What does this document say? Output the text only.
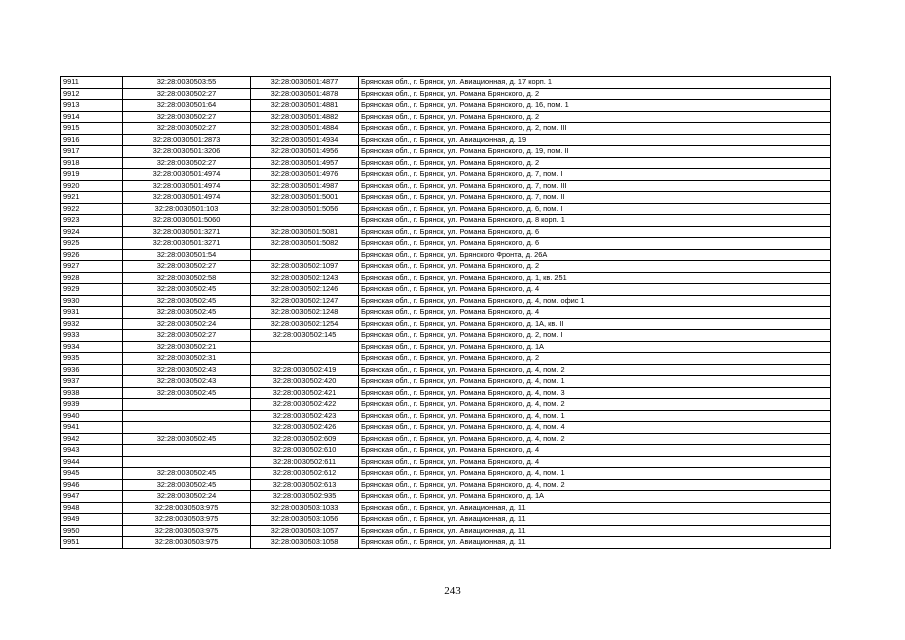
9911	32:28:0030503:55	32:28:0030501:4877	Брянская обл., г. Брянск, ул. Авиационная, д. 17 корп. 1
9912	32:28:0030502:27	32:28:0030501:4878	Брянская обл., г. Брянск, ул. Романа Брянского, д. 2
9913	32:28:0030501:64	32:28:0030501:4881	Брянская обл., г. Брянск, ул. Романа Брянского, д. 16, пом. 1
9914	32:28:0030502:27	32:28:0030501:4882	Брянская обл., г. Брянск, ул. Романа Брянского, д. 2
9915	32:28:0030502:27	32:28:0030501:4884	Брянская обл., г. Брянск, ул. Романа Брянского, д. 2, пом. III
9916	32:28:0030501:2873	32:28:0030501:4934	Брянская обл., г. Брянск, ул. Авиационная, д. 19
9917	32:28:0030501:3206	32:28:0030501:4956	Брянская обл., г. Брянск, ул. Романа Брянского, д. 19, пом. II
9918	32:28:0030502:27	32:28:0030501:4957	Брянская обл., г. Брянск, ул. Романа Брянского, д. 2
9919	32:28:0030501:4974	32:28:0030501:4976	Брянская обл., г. Брянск, ул. Романа Брянского, д. 7, пом. I
9920	32:28:0030501:4974	32:28:0030501:4987	Брянская обл., г. Брянск, ул. Романа Брянского, д. 7, пом. III
9921	32:28:0030501:4974	32:28:0030501:5001	Брянская обл., г. Брянск, ул. Романа Брянского, д. 7, пом. II
9922	32:28:0030501:103	32:28:0030501:5056	Брянская обл., г. Брянск, ул. Романа Брянского, д. 6, пом. I
9923	32:28:0030501:5060		Брянская обл., г. Брянск, ул. Романа Брянского, д. 8 корп. 1
9924	32:28:0030501:3271	32:28:0030501:5081	Брянская обл., г. Брянск, ул. Романа Брянского, д. 6
9925	32:28:0030501:3271	32:28:0030501:5082	Брянская обл., г. Брянск, ул. Романа Брянского, д. 6
9926	32:28:0030501:54		Брянская обл., г. Брянск, ул. Брянского Фронта, д. 26А
9927	32:28:0030502:27	32:28:0030502:1097	Брянская обл., г. Брянск, ул. Романа Брянского, д. 2
9928	32:28:0030502:58	32:28:0030502:1243	Брянская обл., г. Брянск, ул. Романа Брянского, д. 1, кв. 251
9929	32:28:0030502:45	32:28:0030502:1246	Брянская обл., г. Брянск, ул. Романа Брянского, д. 4
9930	32:28:0030502:45	32:28:0030502:1247	Брянская обл., г. Брянск, ул. Романа Брянского, д. 4, пом. офис 1
9931	32:28:0030502:45	32:28:0030502:1248	Брянская обл., г. Брянск, ул. Романа Брянского, д. 4
9932	32:28:0030502:24	32:28:0030502:1254	Брянская обл., г. Брянск, ул. Романа Брянского, д. 1А, кв. II
9933	32:28:0030502:27	32:28:0030502:145	Брянская обл., г. Брянск, ул. Романа Брянского, д. 2, пом. I
9934	32:28:0030502:21		Брянская обл., г. Брянск, ул. Романа Брянского, д. 1А
9935	32:28:0030502:31		Брянская обл., г. Брянск, ул. Романа Брянского, д. 2
9936	32:28:0030502:43	32:28:0030502:419	Брянская обл., г. Брянск, ул. Романа Брянского, д. 4, пом. 2
9937	32:28:0030502:43	32:28:0030502:420	Брянская обл., г. Брянск, ул. Романа Брянского, д. 4, пом. 1
9938	32:28:0030502:45	32:28:0030502:421	Брянская обл., г. Брянск, ул. Романа Брянского, д. 4, пом. 3
9939		32:28:0030502:422	Брянская обл., г. Брянск, ул. Романа Брянского, д. 4, пом. 2
9940		32:28:0030502:423	Брянская обл., г. Брянск, ул. Романа Брянского, д. 4, пом. 1
9941		32:28:0030502:426	Брянская обл., г. Брянск, ул. Романа Брянского, д. 4, пом. 4
9942	32:28:0030502:45	32:28:0030502:609	Брянская обл., г. Брянск, ул. Романа Брянского, д. 4, пом. 2
9943		32:28:0030502:610	Брянская обл., г. Брянск, ул. Романа Брянского, д. 4
9944		32:28:0030502:611	Брянская обл., г. Брянск, ул. Романа Брянского, д. 4
9945	32:28:0030502:45	32:28:0030502:612	Брянская обл., г. Брянск, ул. Романа Брянского, д. 4, пом. 1
9946	32:28:0030502:45	32:28:0030502:613	Брянская обл., г. Брянск, ул. Романа Брянского, д. 4, пом. 2
9947	32:28:0030502:24	32:28:0030502:935	Брянская обл., г. Брянск, ул. Романа Брянского, д. 1А
9948	32:28:0030503:975	32:28:0030503:1033	Брянская обл., г. Брянск, ул. Авиационная, д. 11
9949	32:28:0030503:975	32:28:0030503:1056	Брянская обл., г. Брянск, ул. Авиационная, д. 11
9950	32:28:0030503:975	32:28:0030503:1057	Брянская обл., г. Брянск, ул. Авиационная, д. 11
9951	32:28:0030503:975	32:28:0030503:1058	Брянская обл., г. Брянск, ул. Авиационная, д. 11
243
